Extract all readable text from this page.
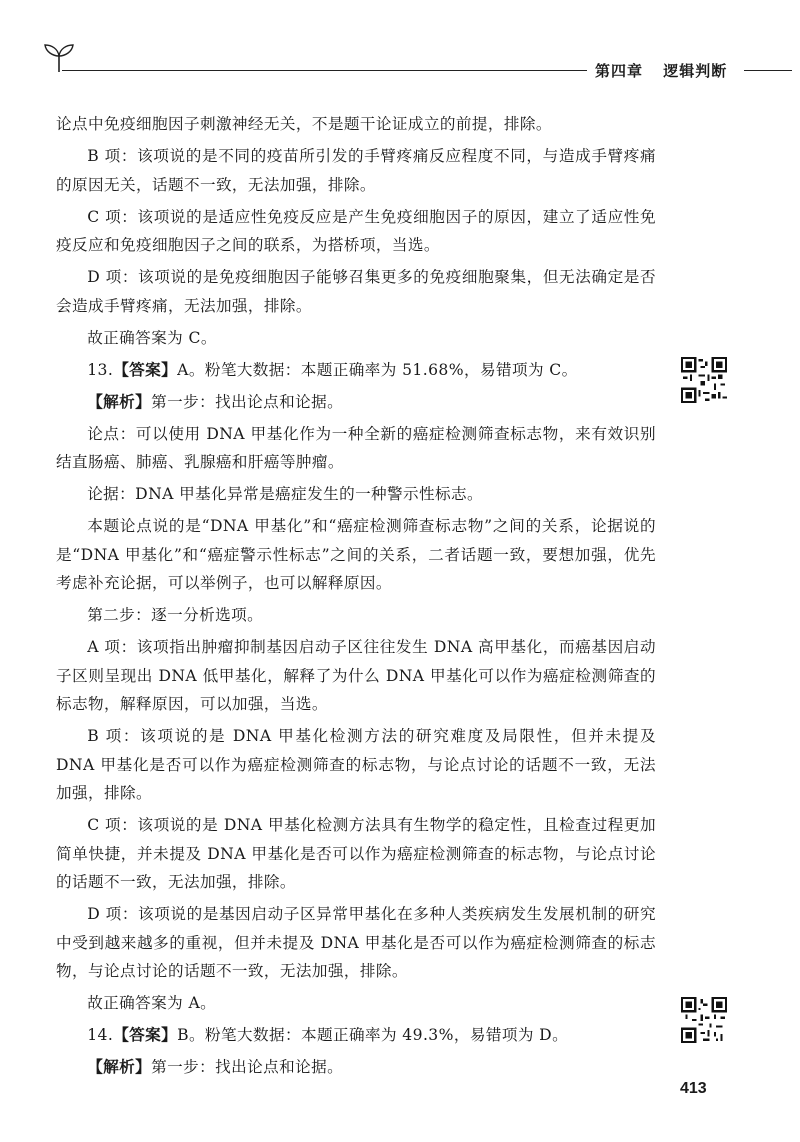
第四章 逻辑判断

论点中免疫细胞因子刺激神经无关，不是题干论证成立的前提，排除。

B 项：该项说的是不同的疫苗所引发的手臂疼痛反应程度不同，与造成手臂疼痛的原因无关，话题不一致，无法加强，排除。

C 项：该项说的是适应性免疫反应是产生免疫细胞因子的原因，建立了适应性免疫反应和免疫细胞因子之间的联系，为搭桥项，当选。

D 项：该项说的是免疫细胞因子能够召集更多的免疫细胞聚集，但无法确定是否会造成手臂疼痛，无法加强，排除。

故正确答案为 C。

13.【答案】A。粉笔大数据：本题正确率为 51.68%，易错项为 C。

【解析】第一步：找出论点和论据。

论点：可以使用 DNA 甲基化作为一种全新的癌症检测筛查标志物，来有效识别结直肠癌、肺癌、乳腺癌和肝癌等肿瘤。

论据：DNA 甲基化异常是癌症发生的一种警示性标志。

本题论点说的是“DNA 甲基化”和“癌症检测筛查标志物”之间的关系，论据说的是“DNA 甲基化”和“癌症警示性标志”之间的关系，二者话题一致，要想加强，优先考虑补充论据，可以举例子，也可以解释原因。

第二步：逐一分析选项。

A 项：该项指出肿瘤抑制基因启动子区往往发生 DNA 高甲基化，而癌基因启动子区则呈现出 DNA 低甲基化，解释了为什么 DNA 甲基化可以作为癌症检测筛查的标志物，解释原因，可以加强，当选。

B 项：该项说的是 DNA 甲基化检测方法的研究难度及局限性，但并未提及 DNA 甲基化是否可以作为癌症检测筛查的标志物，与论点讨论的话题不一致，无法加强，排除。

C 项：该项说的是 DNA 甲基化检测方法具有生物学的稳定性，且检查过程更加简单快捷，并未提及 DNA 甲基化是否可以作为癌症检测筛查的标志物，与论点讨论的话题不一致，无法加强，排除。

D 项：该项说的是基因启动子区异常甲基化在多种人类疾病发生发展机制的研究中受到越来越多的重视，但并未提及 DNA 甲基化是否可以作为癌症检测筛查的标志物，与论点讨论的话题不一致，无法加强，排除。

故正确答案为 A。

14.【答案】B。粉笔大数据：本题正确率为 49.3%，易错项为 D。

【解析】第一步：找出论点和论据。

413
